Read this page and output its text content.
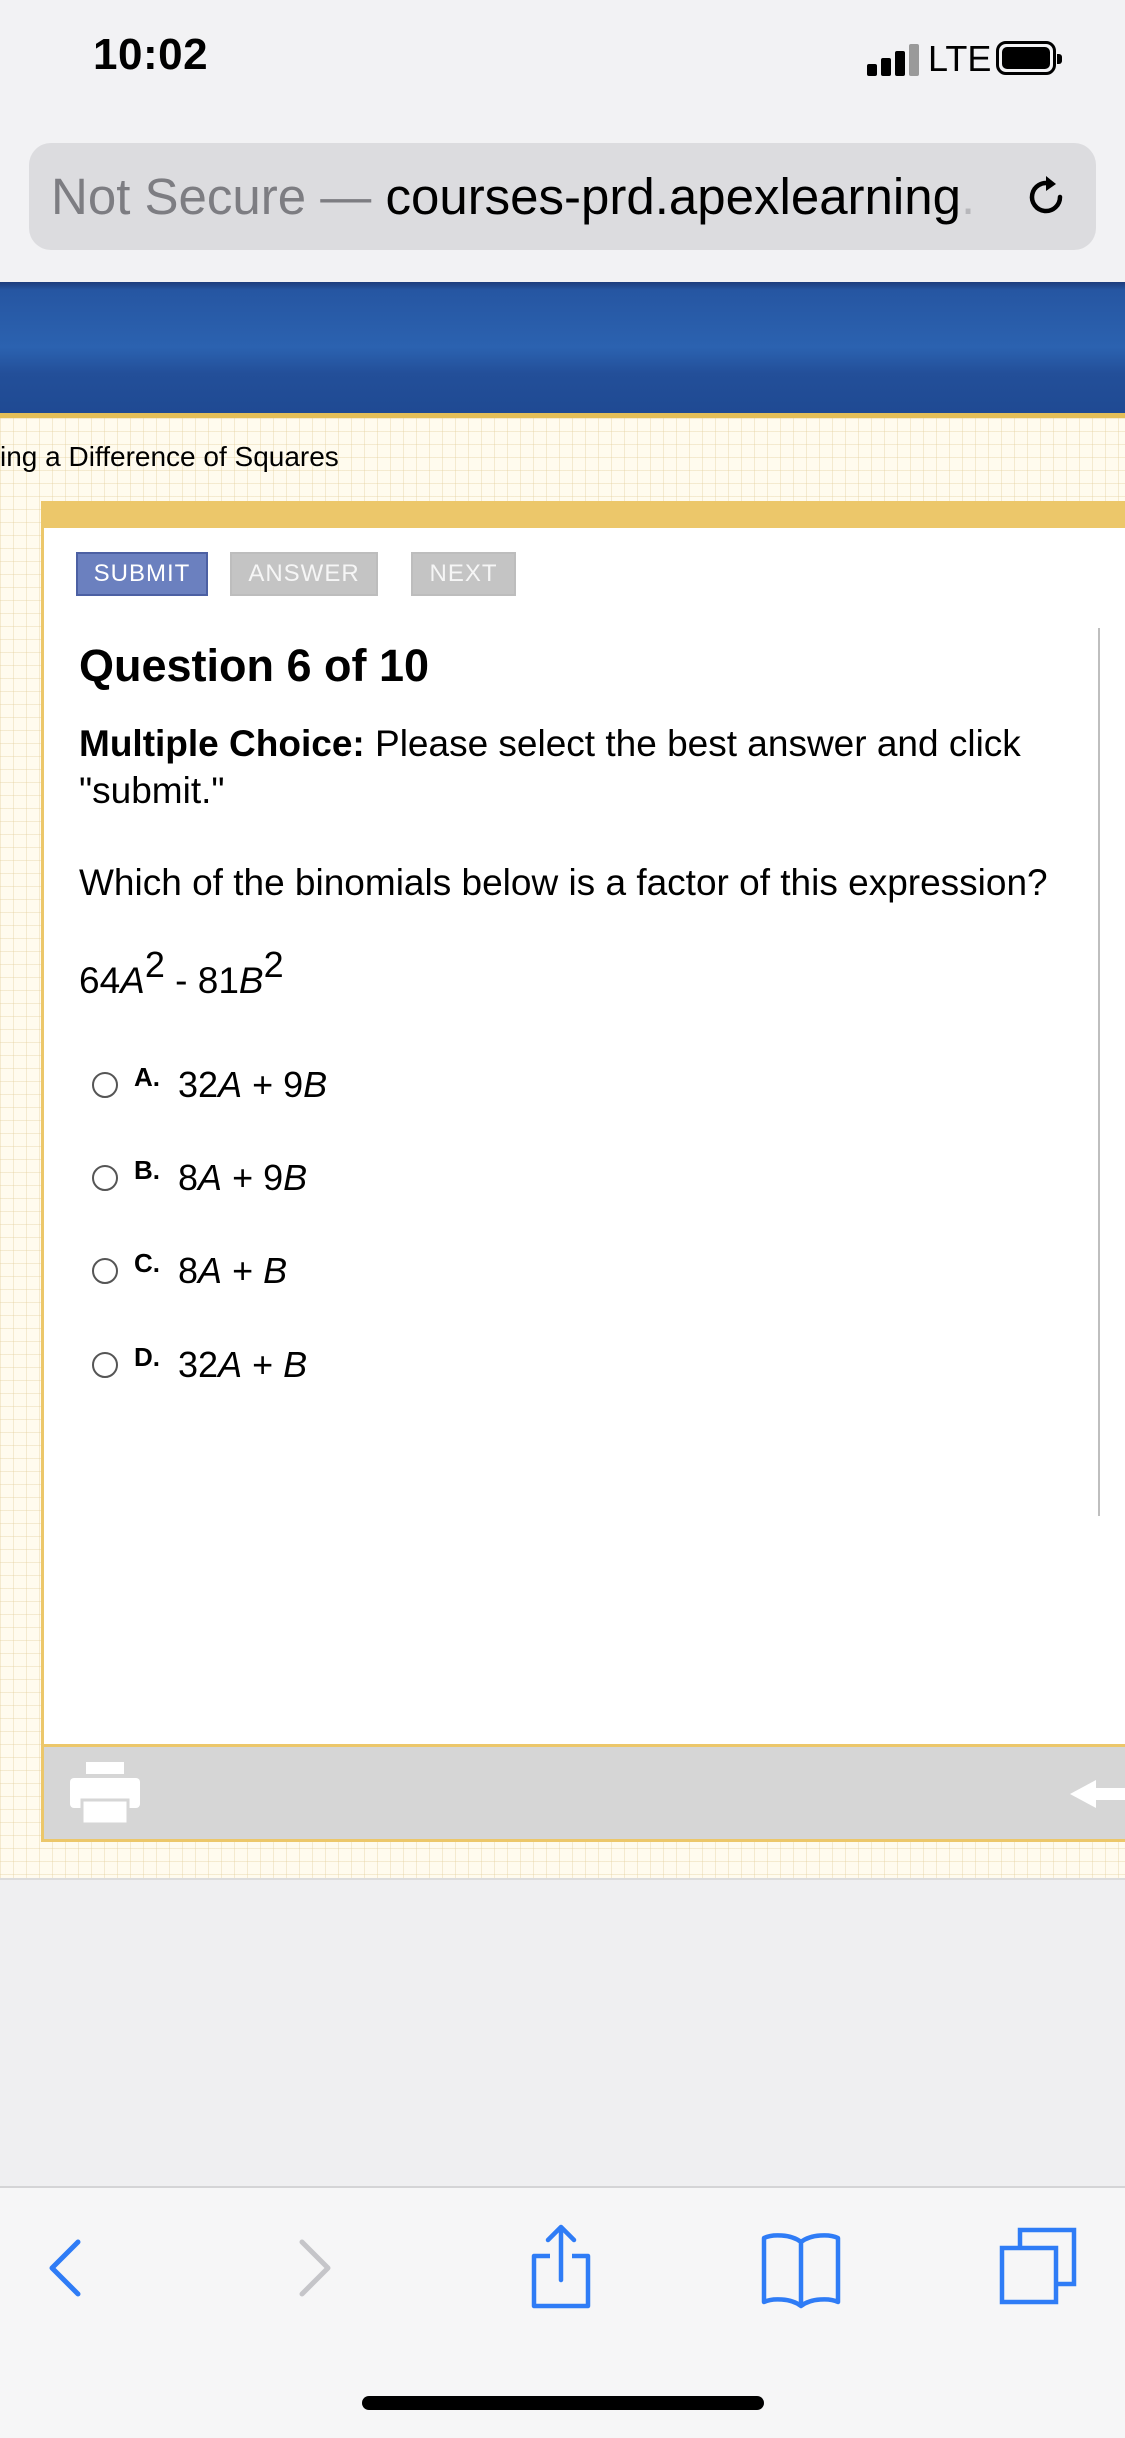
10:02	LTE
Not Secure — courses-prd.apexlearning.
ing a Difference of Squares
SUBMIT	ANSWER	NEXT
Question 6 of 10
Multiple Choice: Please select the best answer and click "submit."
Which of the binomials below is a factor of this expression?
$64A^2 - 81B^2$
A. 32A + 9B
B. 8A + 9B
C. 8A + B
D. 32A + B
